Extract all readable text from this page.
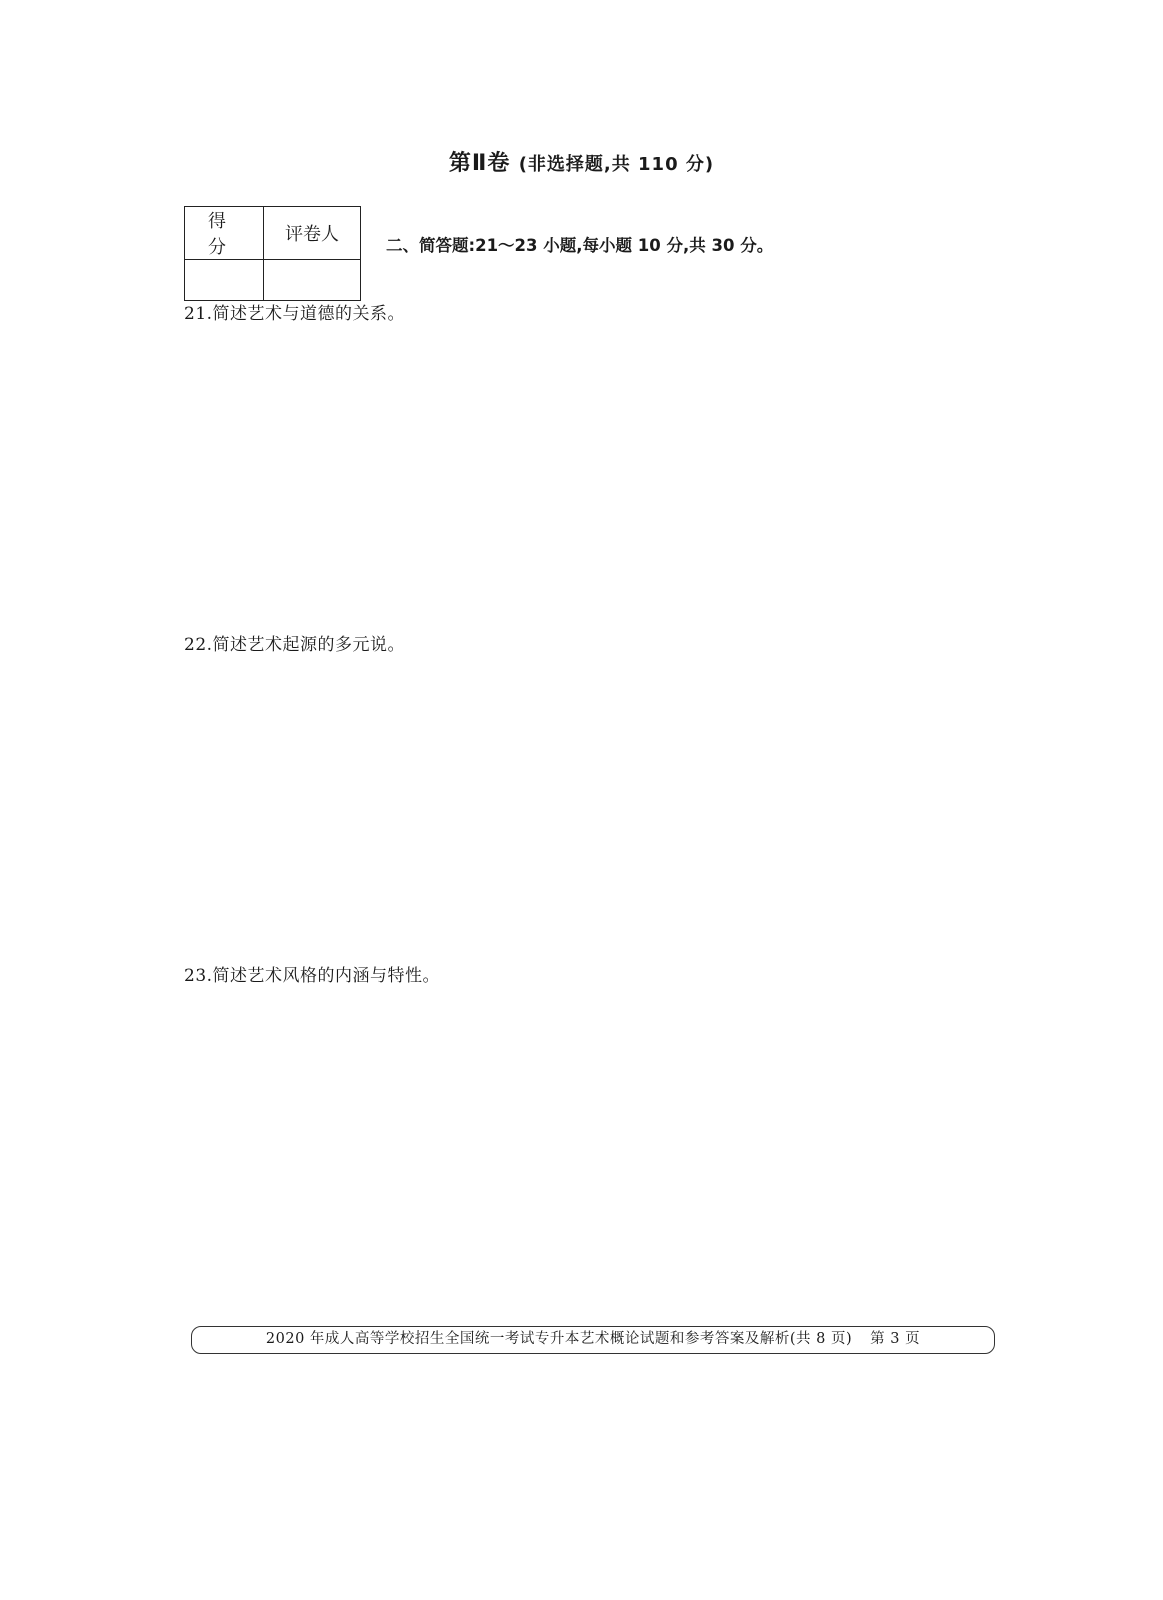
第Ⅱ卷 (非选择题,共 110 分)
得 分	评卷人

二、简答题:21～23 小题,每小题 10 分,共 30 分。
21.简述艺术与道德的关系。
22.简述艺术起源的多元说。
23.简述艺术风格的内涵与特性。
2020 年成人高等学校招生全国统一考试专升本艺术概论试题和参考答案及解析(共 8 页) 第 3 页
